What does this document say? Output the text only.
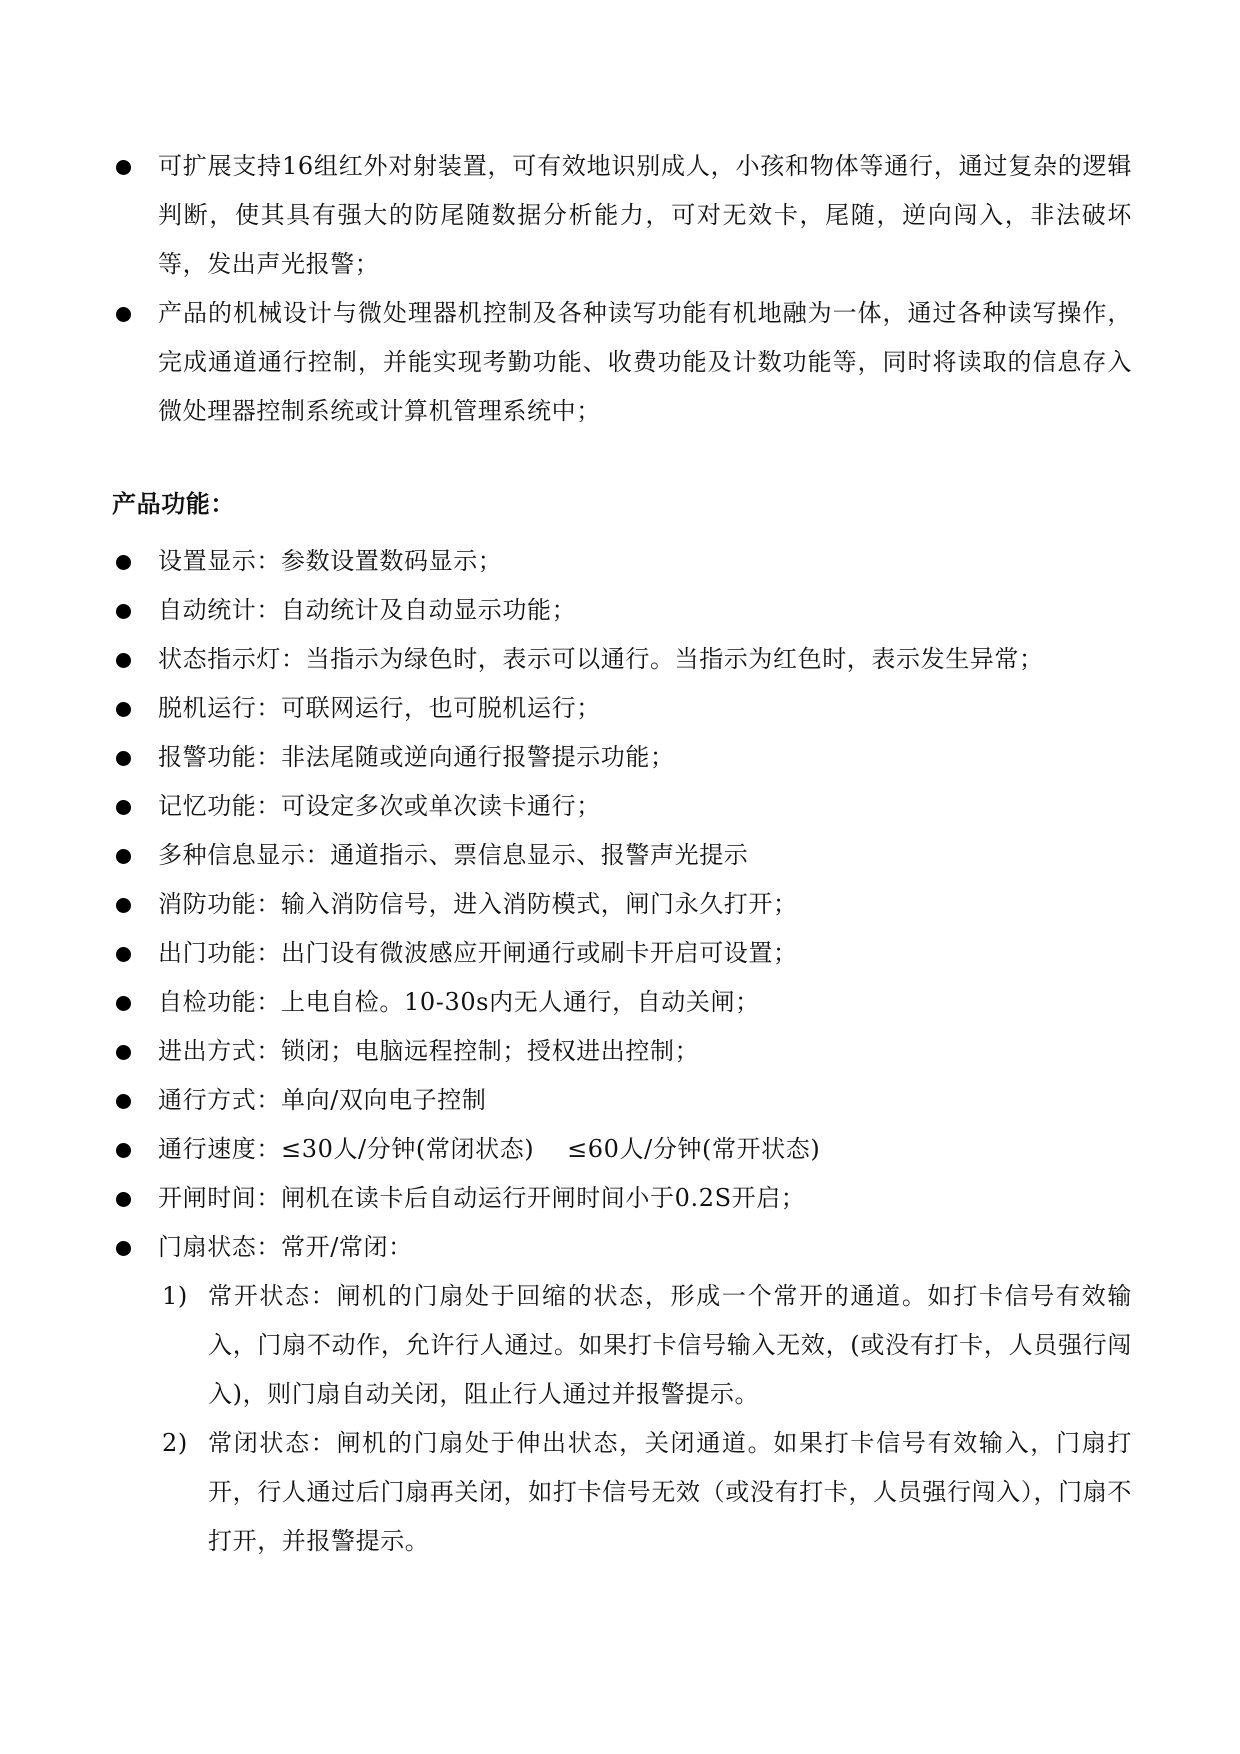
可扩展支持16组红外对射装置，可有效地识别成人，小孩和物体等通行，通过复杂的逻辑判断，使其具有强大的防尾随数据分析能力，可对无效卡，尾随，逆向闯入，非法破坏等，发出声光报警；
产品的机械设计与微处理器机控制及各种读写功能有机地融为一体，通过各种读写操作，完成通道通行控制，并能实现考勤功能、收费功能及计数功能等，同时将读取的信息存入微处理器控制系统或计算机管理系统中；
产品功能：
设置显示：参数设置数码显示；
自动统计：自动统计及自动显示功能；
状态指示灯：当指示为绿色时，表示可以通行。当指示为红色时，表示发生异常；
脱机运行：可联网运行，也可脱机运行；
报警功能：非法尾随或逆向通行报警提示功能；
记忆功能：可设定多次或单次读卡通行；
多种信息显示：通道指示、票信息显示、报警声光提示
消防功能：输入消防信号，进入消防模式，闸门永久打开；
出门功能：出门设有微波感应开闸通行或刷卡开启可设置；
自检功能：上电自检。10-30s内无人通行，自动关闸；
进出方式：锁闭；电脑远程控制；授权进出控制；
通行方式：单向/双向电子控制
通行速度：≤30人/分钟(常闭状态)　 ≤60人/分钟(常开状态)
开闸时间：闸机在读卡后自动运行开闸时间小于0.2S开启；
门扇状态：常开/常闭：
1) 常开状态：闸机的门扇处于回缩的状态，形成一个常开的通道。如打卡信号有效输入，门扇不动作，允许行人通过。如果打卡信号输入无效，(或没有打卡，人员强行闯入)，则门扇自动关闭，阻止行人通过并报警提示。
2) 常闭状态：闸机的门扇处于伸出状态，关闭通道。如果打卡信号有效输入，门扇打开，行人通过后门扇再关闭，如打卡信号无效（或没有打卡，人员强行闯入），门扇不打开，并报警提示。
